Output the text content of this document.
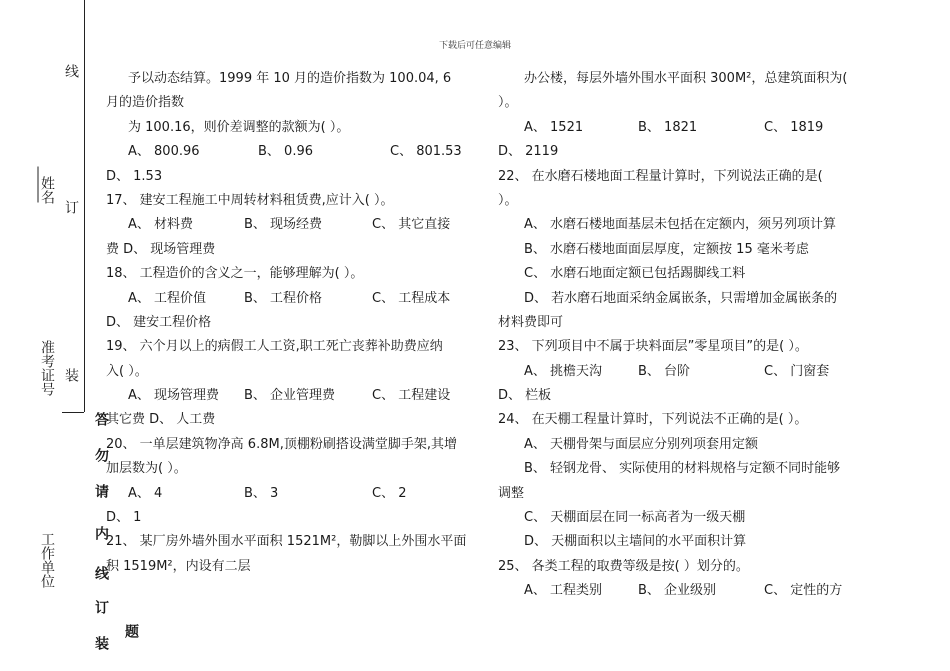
下载后可任意编辑
线
姓名
订
准考证号 装
工作单位
答
勿
请
内
线
订
装
题
予以动态结算。1999 年 10 月的造价指数为 100.04, 6
月的造价指数
为 100.16，则价差调整的款额为( ）。
A、 800.96	B、 0.96	C、 801.53
D、 1.53
17、 建安工程施工中周转材料租赁费,应计入( ）。
A、 材料费	B、 现场经费	C、 其它直接
费 D、 现场管理费
18、 工程造价的含义之一，能够理解为( ）。
A、 工程价值	B、 工程价格	C、 工程成本
D、 建安工程价格
19、 六个月以上的病假工人工资,职工死亡丧葬补助费应纳
入( ）。
A、 现场管理费 B、 企业管理费	C、 工程建设
其它费 D、 人工费
20、 一单层建筑物净高 6.8M,顶棚粉刷搭设满堂脚手架,其增
加层数为( ）。
A、 4	B、 3	C、 2
D、 1
21、 某厂房外墙外围水平面积 1521M²，勒脚以上外围水平面
积 1519M²，内设有二层
办公楼，每层外墙外围水平面积 300M²，总建筑面积为(
）。
A、 1521	B、 1821	C、 1819
D、 2119
22、 在水磨石楼地面工程量计算时，下列说法正确的是(
）。
A、 水磨石楼地面基层未包括在定额内，须另列项计算
B、 水磨石楼地面面层厚度，定额按 15 毫米考虑
C、 水磨石地面定额已包括踢脚线工料
D、 若水磨石地面采纳金属嵌条，只需增加金属嵌条的
材料费即可
23、 下列项目中不属于块料面层”零星项目”的是( ）。
A、 挑檐天沟	B、 台阶	C、 门窗套
D、 栏板
24、 在天棚工程量计算时，下列说法不正确的是( ）。
A、 天棚骨架与面层应分别列项套用定额
B、 轻钢龙骨、 实际使用的材料规格与定额不同时能够
调整
C、 天棚面层在同一标高者为一级天棚
D、 天棚面积以主墙间的水平面积计算
25、 各类工程的取费等级是按( ）划分的。
A、 工程类别	B、 企业级别	C、 定性的方
